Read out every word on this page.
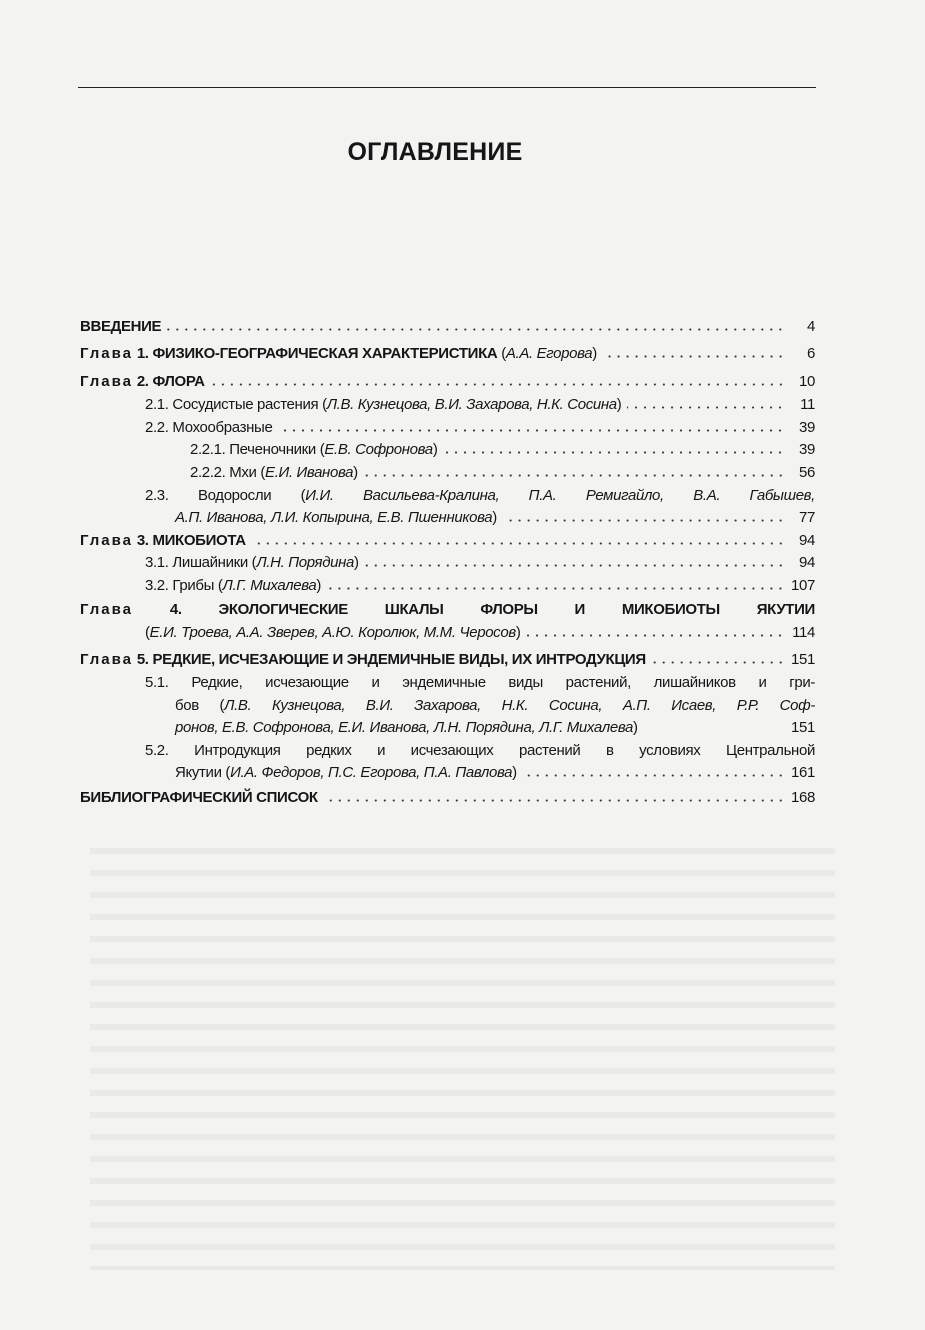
ОГЛАВЛЕНИЕ
ВВЕДЕНИЕ	4
Глава 1. ФИЗИКО-ГЕОГРАФИЧЕСКАЯ ХАРАКТЕРИСТИКА (А.А. Егорова)	6
Глава 2. ФЛОРА	10
2.1. Сосудистые растения (Л.В. Кузнецова, В.И. Захарова, Н.К. Сосина)	11
2.2. Мохообразные	39
2.2.1. Печеночники (Е.В. Софронова)	39
2.2.2. Мхи (Е.И. Иванова)	56
2.3. Водоросли (И.И. Васильева-Кралина, П.А. Ремигайло, В.А. Габышев,
А.П. Иванова, Л.И. Копырина, Е.В. Пшенникова)	77
Глава 3. МИКОБИОТА	94
3.1. Лишайники (Л.Н. Порядина)	94
3.2. Грибы (Л.Г. Михалева)	107
Глава 4. ЭКОЛОГИЧЕСКИЕ ШКАЛЫ ФЛОРЫ И МИКОБИОТЫ ЯКУТИИ
(Е.И. Троева, А.А. Зверев, А.Ю. Королюк, М.М. Черосов)	114
Глава 5. РЕДКИЕ, ИСЧЕЗАЮЩИЕ И ЭНДЕМИЧНЫЕ ВИДЫ, ИХ ИНТРОДУКЦИЯ	151
5.1. Редкие, исчезающие и эндемичные виды растений, лишайников и гри-
бов (Л.В. Кузнецова, В.И. Захарова, Н.К. Сосина, А.П. Исаев, Р.Р. Соф-
ронов, Е.В. Софронова, Е.И. Иванова, Л.Н. Порядина, Л.Г. Михалева)	151
5.2. Интродукция редких и исчезающих растений в условиях Центральной
Якутии (И.А. Федоров, П.С. Егорова, П.А. Павлова)	161
БИБЛИОГРАФИЧЕСКИЙ СПИСОК	168
